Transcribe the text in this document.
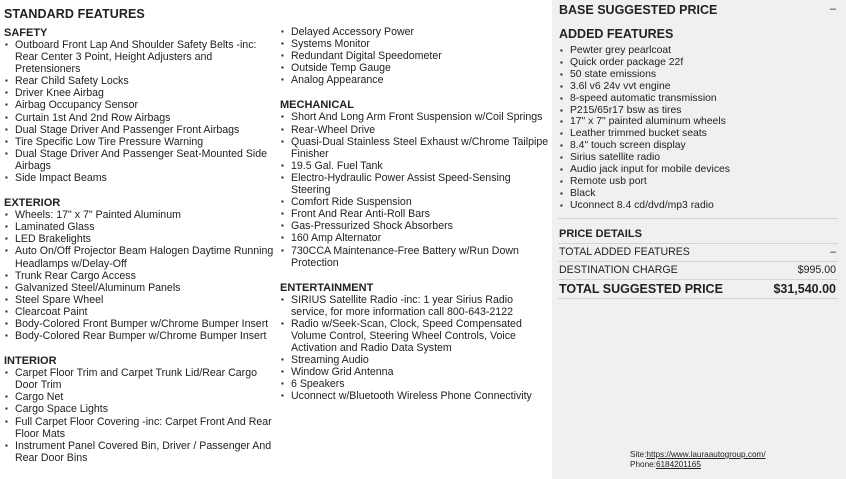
STANDARD FEATURES
SAFETY
▪ Outboard Front Lap And Shoulder Safety Belts -inc: Rear Center 3 Point, Height Adjusters and Pretensioners
▪ Rear Child Safety Locks
▪ Driver Knee Airbag
▪ Airbag Occupancy Sensor
▪ Curtain 1st And 2nd Row Airbags
▪ Dual Stage Driver And Passenger Front Airbags
▪ Tire Specific Low Tire Pressure Warning
▪ Dual Stage Driver And Passenger Seat-Mounted Side Airbags
▪ Side Impact Beams
EXTERIOR
▪ Wheels: 17" x 7" Painted Aluminum
▪ Laminated Glass
▪ LED Brakelights
▪ Auto On/Off Projector Beam Halogen Daytime Running Headlamps w/Delay-Off
▪ Trunk Rear Cargo Access
▪ Galvanized Steel/Aluminum Panels
▪ Steel Spare Wheel
▪ Clearcoat Paint
▪ Body-Colored Front Bumper w/Chrome Bumper Insert
▪ Body-Colored Rear Bumper w/Chrome Bumper Insert
INTERIOR
▪ Carpet Floor Trim and Carpet Trunk Lid/Rear Cargo Door Trim
▪ Cargo Net
▪ Cargo Space Lights
▪ Full Carpet Floor Covering -inc: Carpet Front And Rear Floor Mats
▪ Instrument Panel Covered Bin, Driver / Passenger And Rear Door Bins
▪ Delayed Accessory Power
▪ Systems Monitor
▪ Redundant Digital Speedometer
▪ Outside Temp Gauge
▪ Analog Appearance
MECHANICAL
▪ Short And Long Arm Front Suspension w/Coil Springs
▪ Rear-Wheel Drive
▪ Quasi-Dual Stainless Steel Exhaust w/Chrome Tailpipe Finisher
▪ 19.5 Gal. Fuel Tank
▪ Electro-Hydraulic Power Assist Speed-Sensing Steering
▪ Comfort Ride Suspension
▪ Front And Rear Anti-Roll Bars
▪ Gas-Pressurized Shock Absorbers
▪ 160 Amp Alternator
▪ 730CCA Maintenance-Free Battery w/Run Down Protection
ENTERTAINMENT
▪ SIRIUS Satellite Radio -inc: 1 year Sirius Radio service, for more information call 800-643-2122
▪ Radio w/Seek-Scan, Clock, Speed Compensated Volume Control, Steering Wheel Controls, Voice Activation and Radio Data System
▪ Streaming Audio
▪ Window Grid Antenna
▪ 6 Speakers
▪ Uconnect w/Bluetooth Wireless Phone Connectivity
BASE SUGGESTED PRICE	–
ADDED FEATURES
▪ Pewter grey pearlcoat
▪ Quick order package 22f
▪ 50 state emissions
▪ 3.6l v6 24v vvt engine
▪ 8-speed automatic transmission
▪ P215/65r17 bsw as tires
▪ 17" x 7" painted aluminum wheels
▪ Leather trimmed bucket seats
▪ 8.4" touch screen display
▪ Sirius satellite radio
▪ Audio jack input for mobile devices
▪ Remote usb port
▪ Black
▪ Uconnect 8.4 cd/dvd/mp3 radio
PRICE DETAILS
TOTAL ADDED FEATURES	–
DESTINATION CHARGE	$995.00
TOTAL SUGGESTED PRICE	$31,540.00
Site:https://www.lauraautogroup.com/
Phone:6184201165
